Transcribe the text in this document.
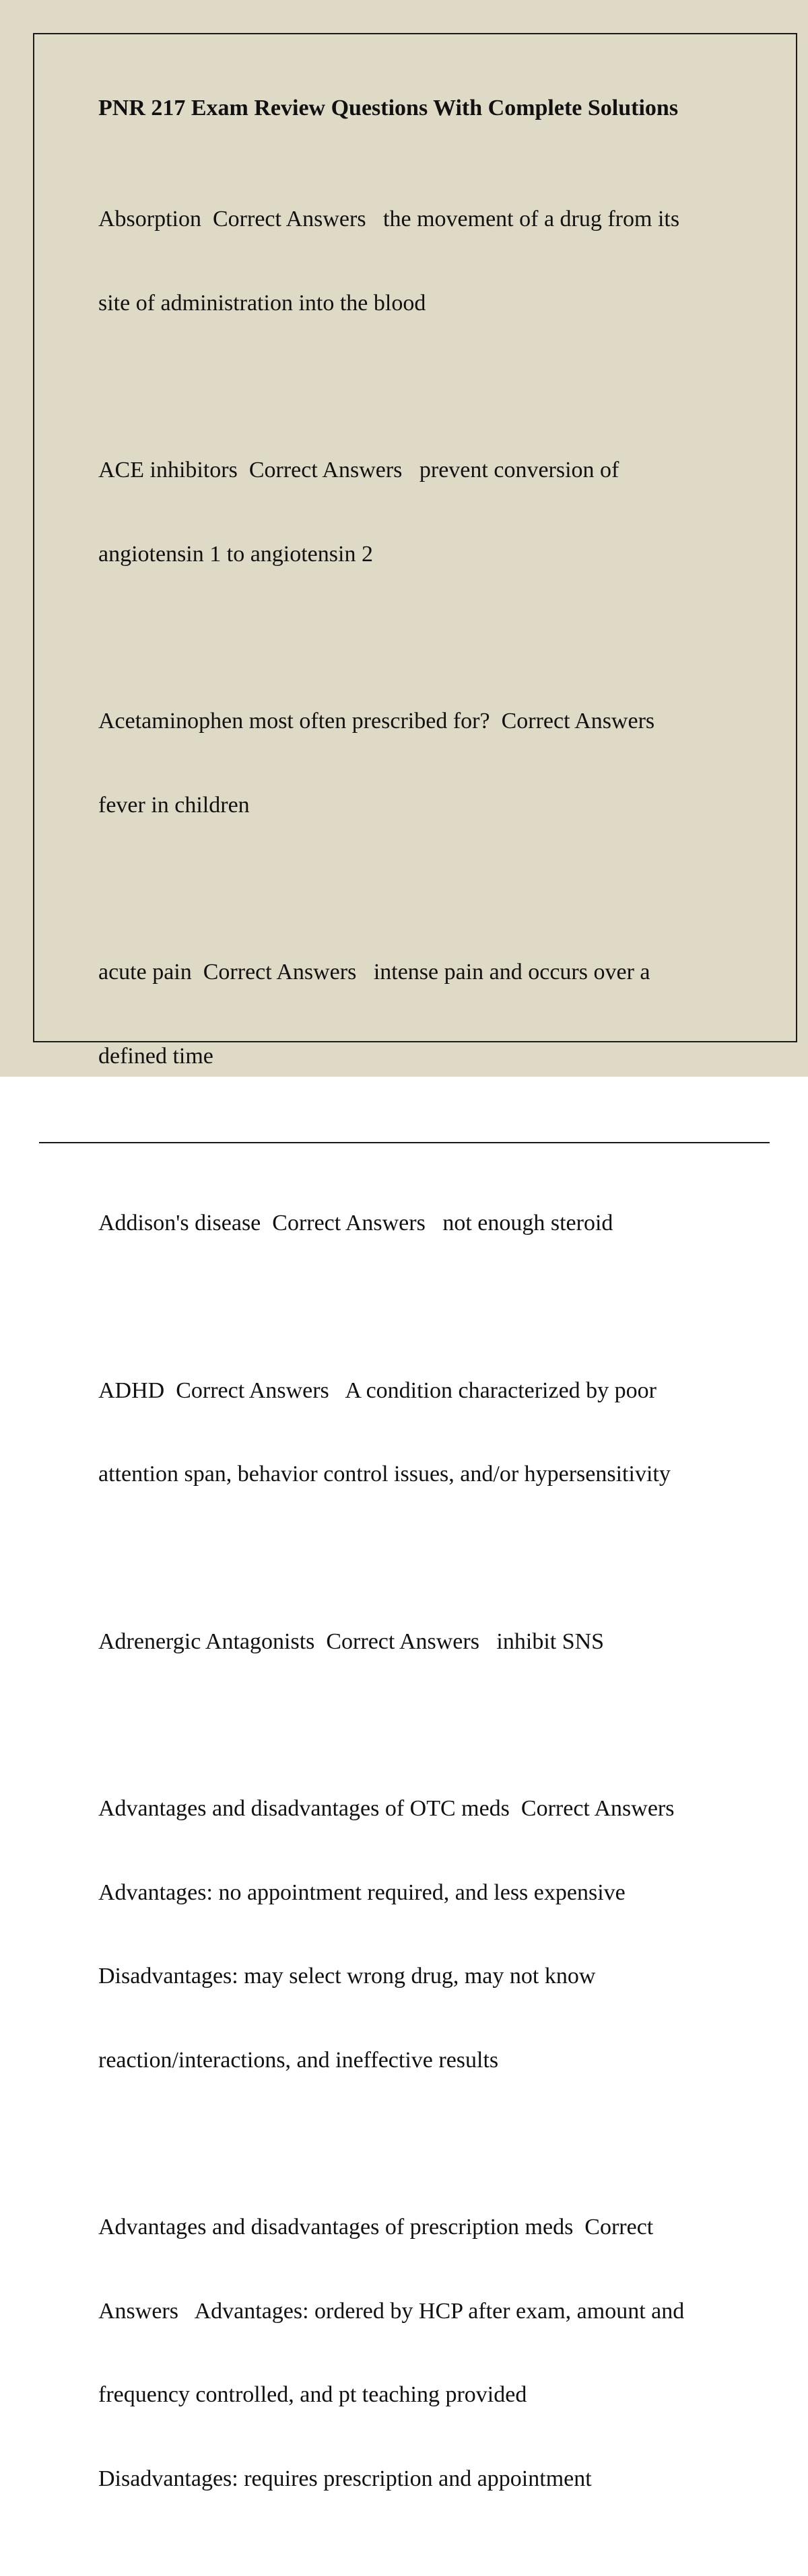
PNR 217 Exam Review Questions With Complete Solutions

Absorption  Correct Answers   the movement of a drug from its

site of administration into the blood

ACE inhibitors  Correct Answers   prevent conversion of

angiotensin 1 to angiotensin 2

Acetaminophen most often prescribed for?  Correct Answers

fever in children

acute pain  Correct Answers   intense pain and occurs over a

defined time

Addison's disease  Correct Answers   not enough steroid

ADHD  Correct Answers   A condition characterized by poor

attention span, behavior control issues, and/or hypersensitivity

Adrenergic Antagonists  Correct Answers   inhibit SNS

Advantages and disadvantages of OTC meds  Correct Answers

Advantages: no appointment required, and less expensive

Disadvantages: may select wrong drug, may not know

reaction/interactions, and ineffective results

Advantages and disadvantages of prescription meds  Correct

Answers   Advantages: ordered by HCP after exam, amount and

frequency controlled, and pt teaching provided

Disadvantages: requires prescription and appointment
